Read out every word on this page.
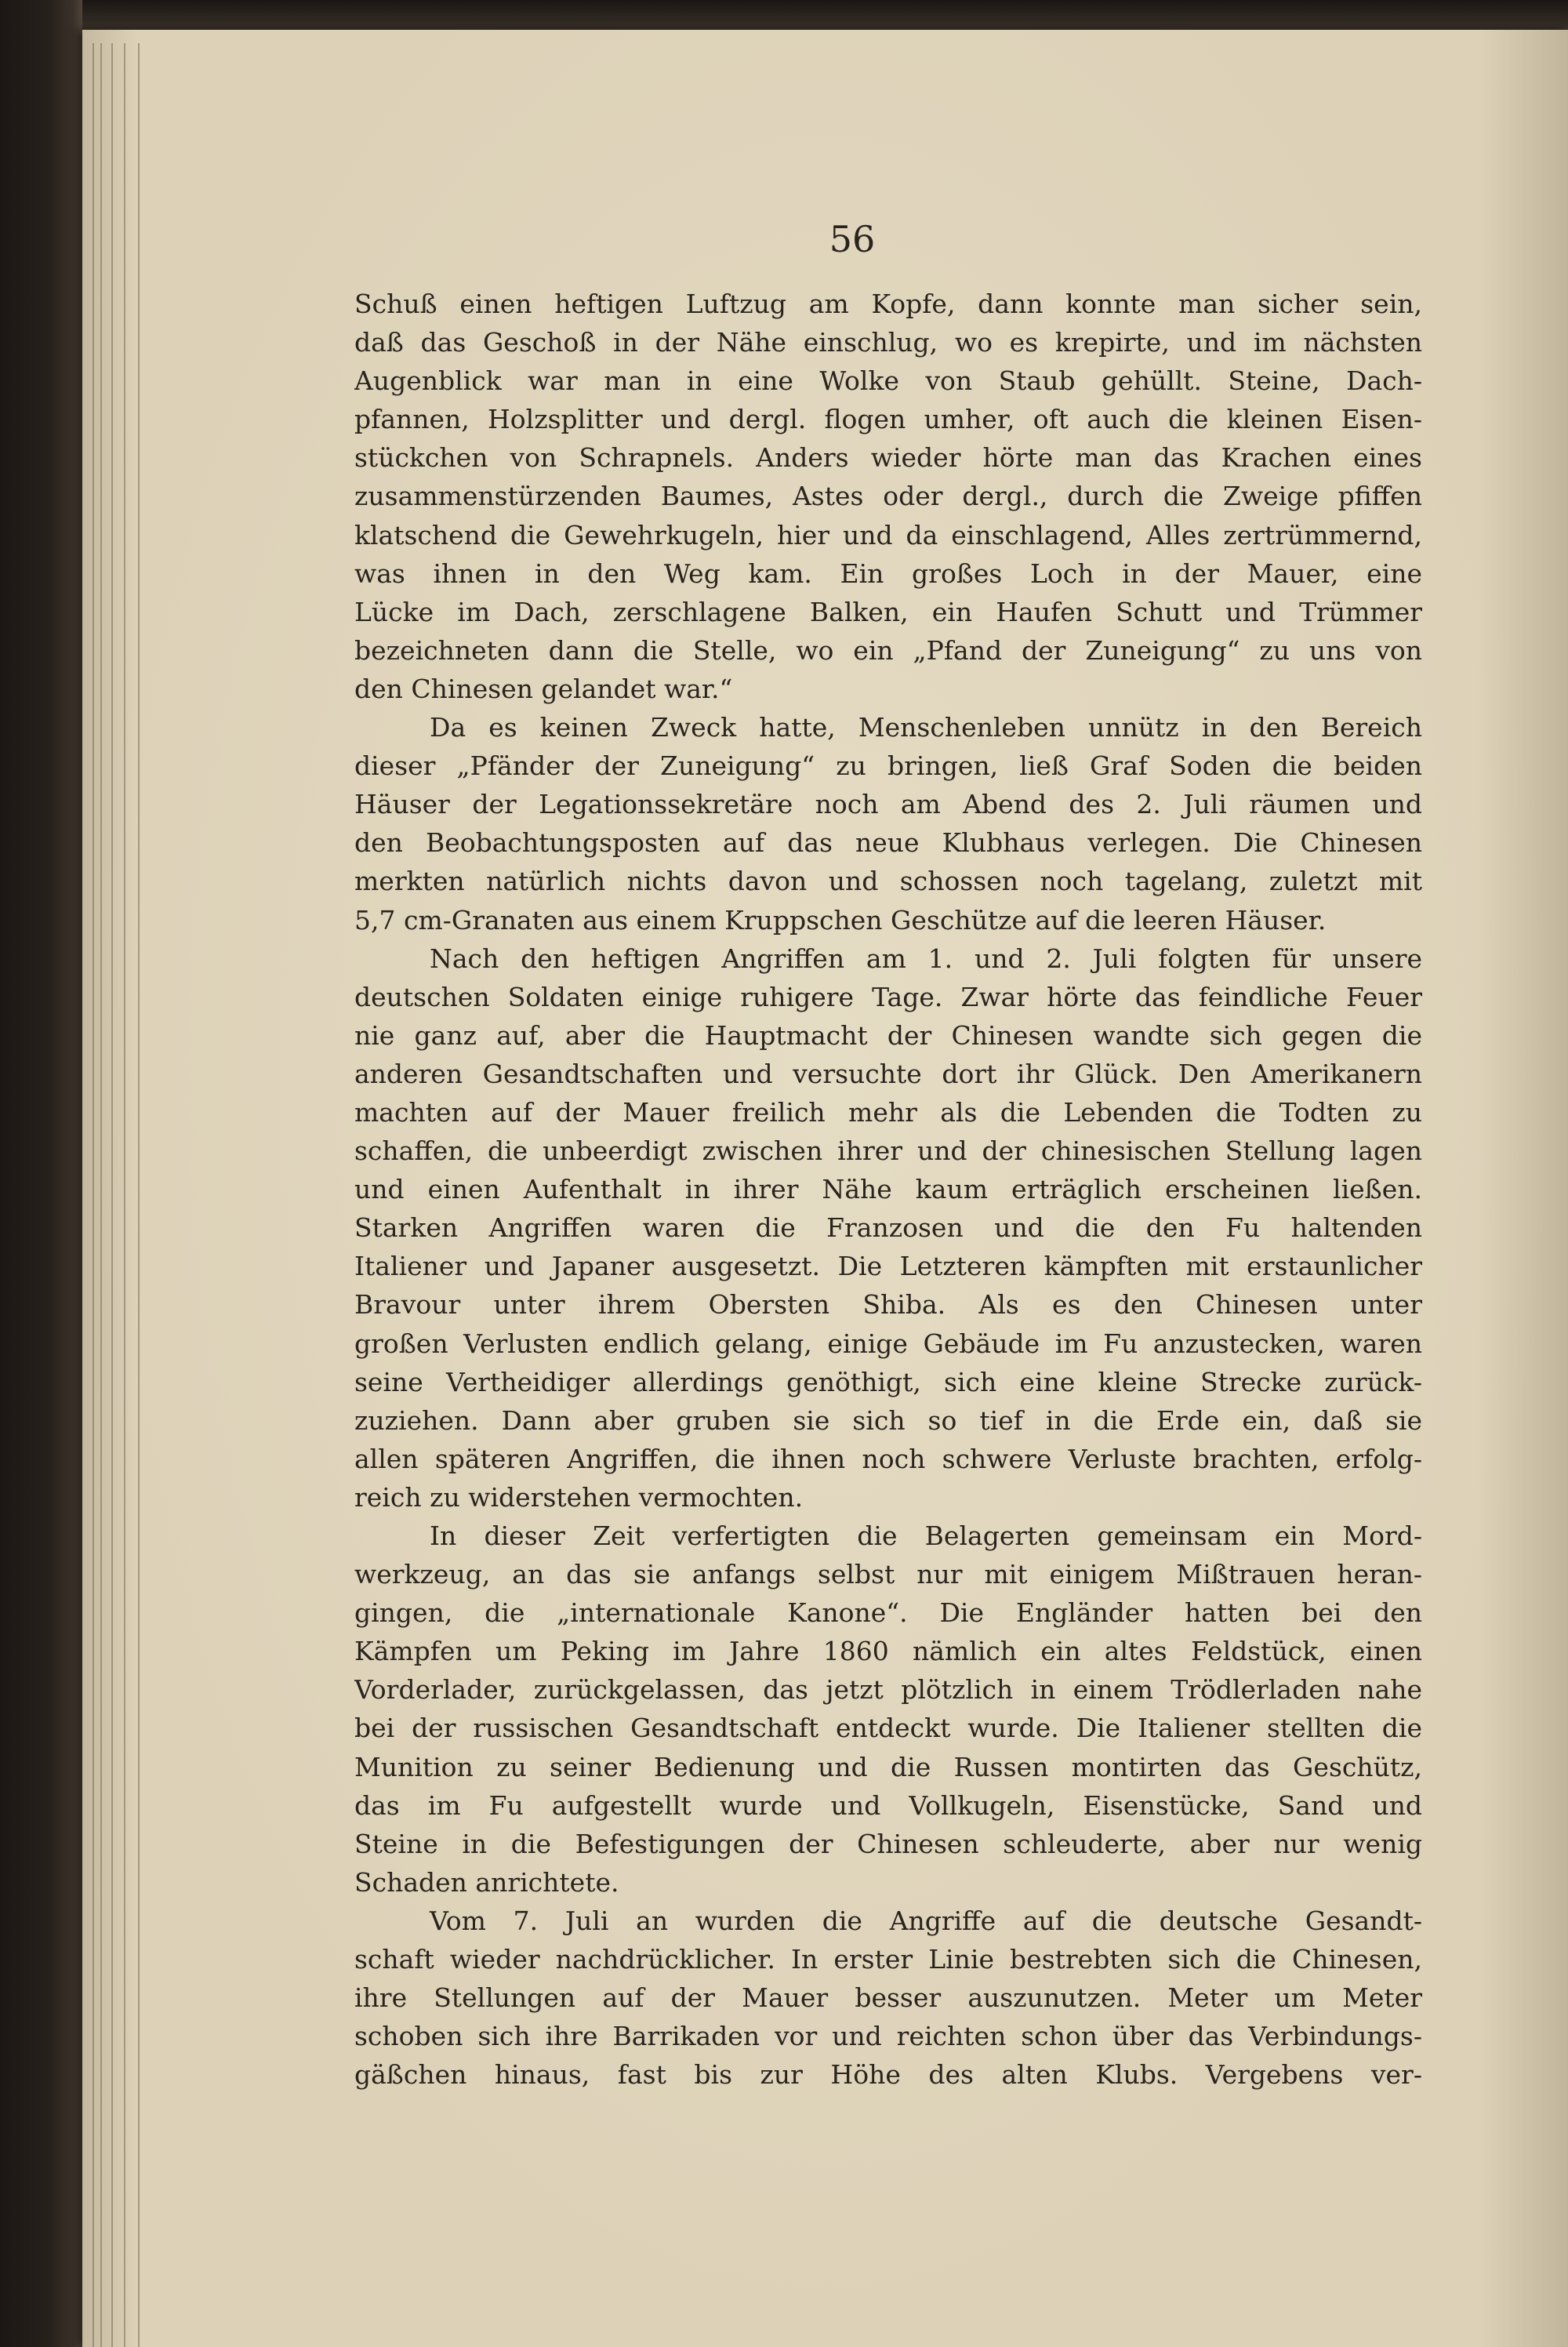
56
Schuß einen heftigen Luftzug am Kopfe, dann konnte man sicher sein,
daß das Geschoß in der Nähe einschlug, wo es krepirte, und im nächsten
Augenblick war man in eine Wolke von Staub gehüllt. Steine, Dach-
pfannen, Holzsplitter und dergl. flogen umher, oft auch die kleinen Eisen-
stückchen von Schrapnels. Anders wieder hörte man das Krachen eines
zusammenstürzenden Baumes, Astes oder dergl., durch die Zweige pfiffen
klatschend die Gewehrkugeln, hier und da einschlagend, Alles zertrümmernd,
was ihnen in den Weg kam. Ein großes Loch in der Mauer, eine
Lücke im Dach, zerschlagene Balken, ein Haufen Schutt und Trümmer
bezeichneten dann die Stelle, wo ein „Pfand der Zuneigung“ zu uns von
den Chinesen gelandet war.“
Da es keinen Zweck hatte, Menschenleben unnütz in den Bereich
dieser „Pfänder der Zuneigung“ zu bringen, ließ Graf Soden die beiden
Häuser der Legationssekretäre noch am Abend des 2. Juli räumen und
den Beobachtungsposten auf das neue Klubhaus verlegen. Die Chinesen
merkten natürlich nichts davon und schossen noch tagelang, zuletzt mit
5,7 cm-Granaten aus einem Kruppschen Geschütze auf die leeren Häuser.
Nach den heftigen Angriffen am 1. und 2. Juli folgten für unsere
deutschen Soldaten einige ruhigere Tage. Zwar hörte das feindliche Feuer
nie ganz auf, aber die Hauptmacht der Chinesen wandte sich gegen die
anderen Gesandtschaften und versuchte dort ihr Glück. Den Amerikanern
machten auf der Mauer freilich mehr als die Lebenden die Todten zu
schaffen, die unbeerdigt zwischen ihrer und der chinesischen Stellung lagen
und einen Aufenthalt in ihrer Nähe kaum erträglich erscheinen ließen.
Starken Angriffen waren die Franzosen und die den Fu haltenden
Italiener und Japaner ausgesetzt. Die Letzteren kämpften mit erstaunlicher
Bravour unter ihrem Obersten Shiba. Als es den Chinesen unter
großen Verlusten endlich gelang, einige Gebäude im Fu anzustecken, waren
seine Vertheidiger allerdings genöthigt, sich eine kleine Strecke zurück-
zuziehen. Dann aber gruben sie sich so tief in die Erde ein, daß sie
allen späteren Angriffen, die ihnen noch schwere Verluste brachten, erfolg-
reich zu widerstehen vermochten.
In dieser Zeit verfertigten die Belagerten gemeinsam ein Mord-
werkzeug, an das sie anfangs selbst nur mit einigem Mißtrauen heran-
gingen, die „internationale Kanone“. Die Engländer hatten bei den
Kämpfen um Peking im Jahre 1860 nämlich ein altes Feldstück, einen
Vorderlader, zurückgelassen, das jetzt plötzlich in einem Trödlerladen nahe
bei der russischen Gesandtschaft entdeckt wurde. Die Italiener stellten die
Munition zu seiner Bedienung und die Russen montirten das Geschütz,
das im Fu aufgestellt wurde und Vollkugeln, Eisenstücke, Sand und
Steine in die Befestigungen der Chinesen schleuderte, aber nur wenig
Schaden anrichtete.
Vom 7. Juli an wurden die Angriffe auf die deutsche Gesandt-
schaft wieder nachdrücklicher. In erster Linie bestrebten sich die Chinesen,
ihre Stellungen auf der Mauer besser auszunutzen. Meter um Meter
schoben sich ihre Barrikaden vor und reichten schon über das Verbindungs-
gäßchen hinaus, fast bis zur Höhe des alten Klubs. Vergebens ver-
